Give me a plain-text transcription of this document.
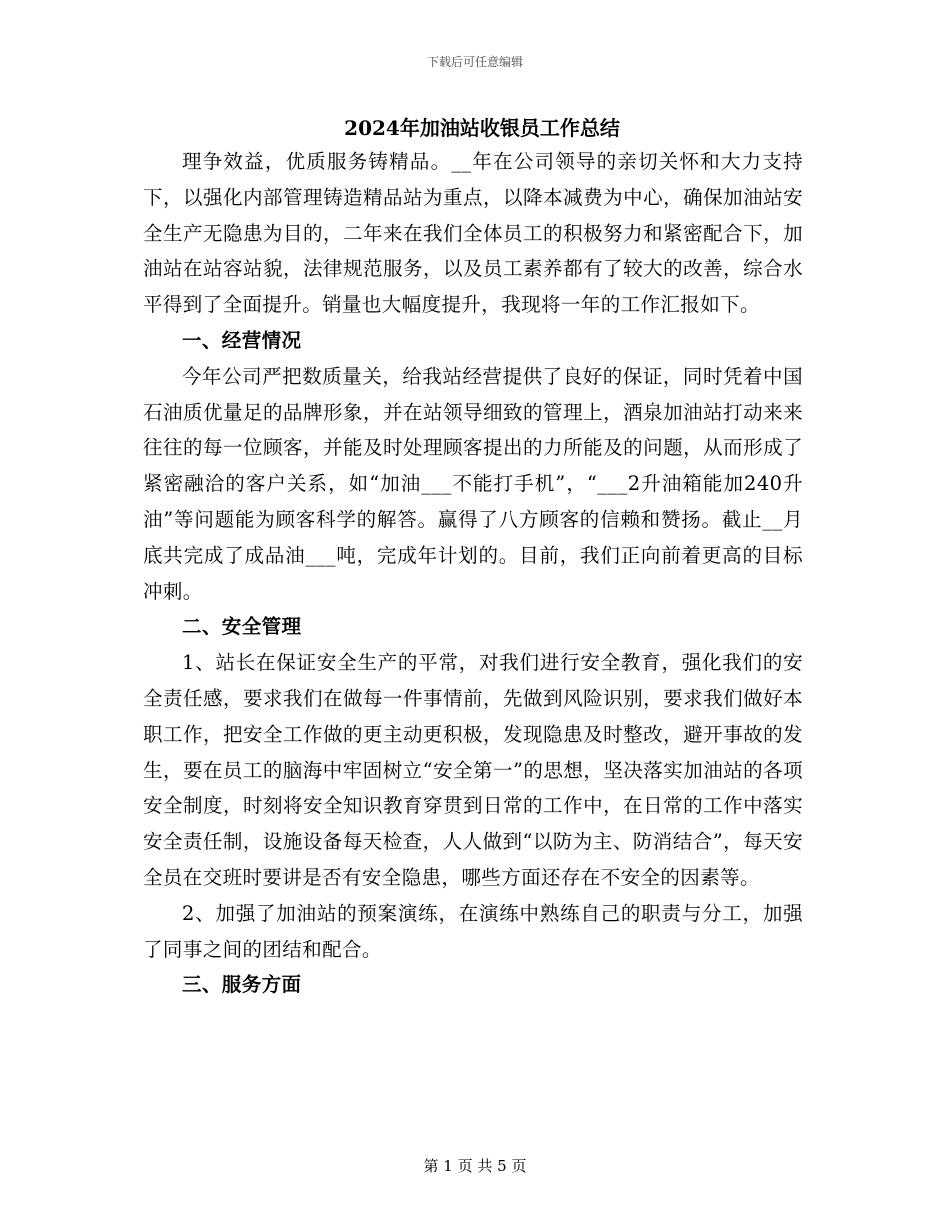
下载后可任意编辑
2024年加油站收银员工作总结

理争效益，优质服务铸精品。__年在公司领导的亲切关怀和大力支持下，以强化内部管理铸造精品站为重点，以降本减费为中心，确保加油站安全生产无隐患为目的，二年来在我们全体员工的积极努力和紧密配合下，加油站在站容站貌，法律规范服务，以及员工素养都有了较大的改善，综合水平得到了全面提升。销量也大幅度提升，我现将一年的工作汇报如下。

一、经营情况

今年公司严把数质量关，给我站经营提供了良好的保证，同时凭着中国石油质优量足的品牌形象，并在站领导细致的管理上，酒泉加油站打动来来往往的每一位顾客，并能及时处理顾客提出的力所能及的问题，从而形成了紧密融洽的客户关系，如“加油___不能打手机”，“___2升油箱能加240升油”等问题能为顾客科学的解答。赢得了八方顾客的信赖和赞扬。截止__月底共完成了成品油___吨，完成年计划的。目前，我们正向前着更高的目标冲刺。

二、安全管理

1、站长在保证安全生产的平常，对我们进行安全教育，强化我们的安全责任感，要求我们在做每一件事情前，先做到风险识别，要求我们做好本职工作，把安全工作做的更主动更积极，发现隐患及时整改，避开事故的发生，要在员工的脑海中牢固树立“安全第一”的思想，坚决落实加油站的各项安全制度，时刻将安全知识教育穿贯到日常的工作中，在日常的工作中落实安全责任制，设施设备每天检查，人人做到“以防为主、防消结合”，每天安全员在交班时要讲是否有安全隐患，哪些方面还存在不安全的因素等。

2、加强了加油站的预案演练，在演练中熟练自己的职责与分工，加强了同事之间的团结和配合。

三、服务方面

第 1 页 共 5 页
